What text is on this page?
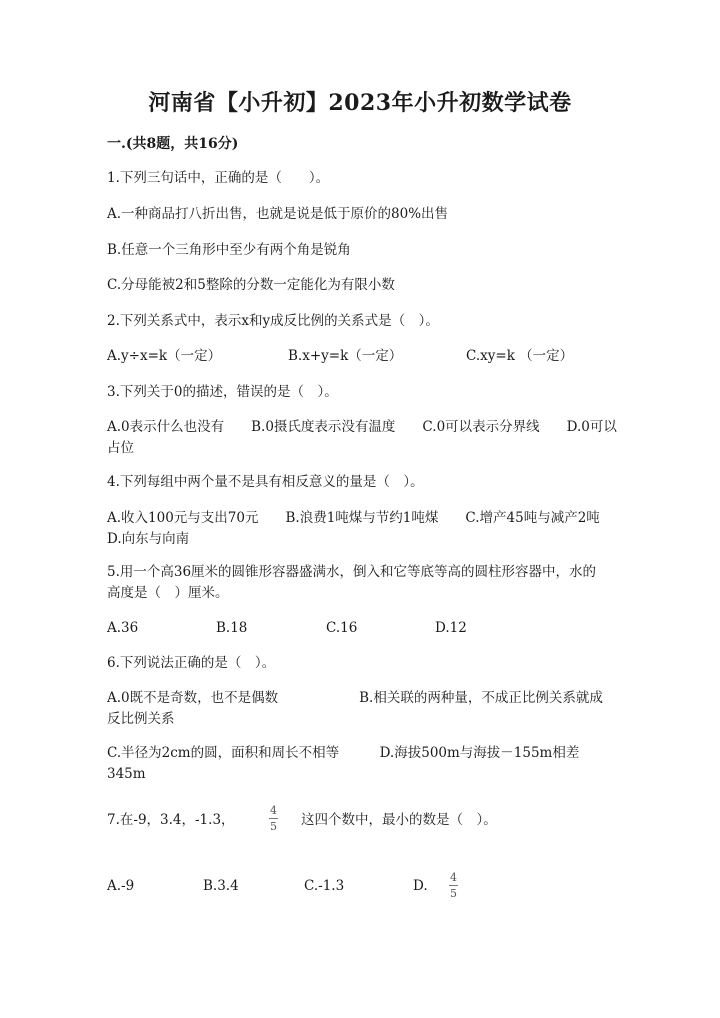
河南省【小升初】2023年小升初数学试卷
一.(共8题，共16分)
1.下列三句话中，正确的是（　　）。
A.一种商品打八折出售，也就是说是低于原价的80%出售
B.任意一个三角形中至少有两个角是锐角
C.分母能被2和5整除的分数一定能化为有限小数
2.下列关系式中，表示x和y成反比例的关系式是（　）。
A.y÷x=k（一定）	B.x+y=k（一定）	C.xy=k （一定）
3.下列关于0的描述，错误的是（　）。
A.0表示什么也没有　　B.0摄氏度表示没有温度　　C.0可以表示分界线　　D.0可以占位
4.下列每组中两个量不是具有相反意义的量是（　）。
A.收入100元与支出70元　　B.浪费1吨煤与节约1吨煤　　C.增产45吨与减产2吨　　D.向东与向南
5.用一个高36厘米的圆锥形容器盛满水，倒入和它等底等高的圆柱形容器中，水的高度是（　）厘米。
A.36	B.18	C.16	D.12
6.下列说法正确的是（　）。
A.0既不是奇数，也不是偶数　　　　　　B.相关联的两种量，不成正比例关系就成反比例关系
C.半径为2cm的圆，面积和周长不相等　　　D.海拔500m与海拔－155m相差345m
7.在-9，3.4，-1.3，	$\frac{4}{5}$ 这四个数中，最小的数是（　）。
A.-9	B.3.4	C.-1.3	D. $\frac{4}{5}$
